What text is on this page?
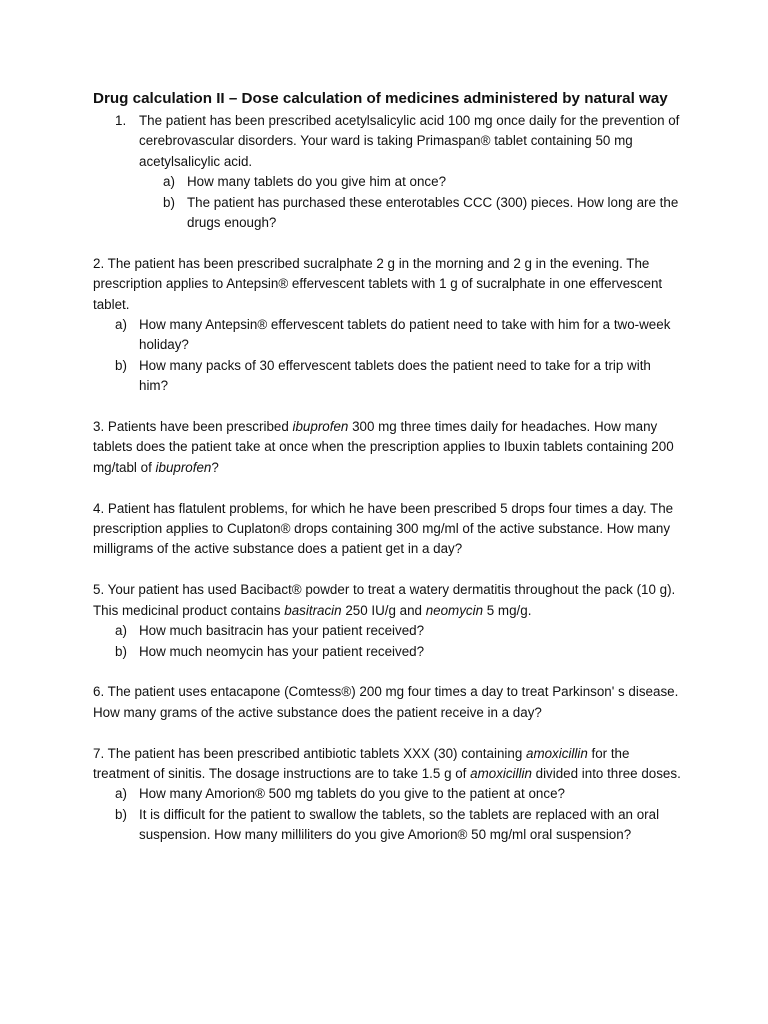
Drug calculation II – Dose calculation of medicines administered by natural way
1. The patient has been prescribed acetylsalicylic acid 100 mg once daily for the prevention of cerebrovascular disorders. Your ward is taking Primaspan® tablet containing 50 mg acetylsalicylic acid.
a) How many tablets do you give him at once?
b) The patient has purchased these enterotables CCC (300) pieces. How long are the drugs enough?

2. The patient has been prescribed sucralphate 2 g in the morning and 2 g in the evening. The prescription applies to Antepsin® effervescent tablets with 1 g of sucralphate in one effervescent tablet.

a) How many Antepsin® effervescent tablets do patient need to take with him for a two-week holiday?
b) How many packs of 30 effervescent tablets does the patient need to take for a trip with him?

3. Patients have been prescribed ibuprofen 300 mg three times daily for headaches. How many tablets does the patient take at once when the prescription applies to Ibuxin tablets containing 200 mg/tabl of ibuprofen?

4. Patient has flatulent problems, for which he have been prescribed 5 drops four times a day. The prescription applies to Cuplaton® drops containing 300 mg/ml of the active substance. How many milligrams of the active substance does a patient get in a day?

5. Your patient has used Bacibact® powder to treat a watery dermatitis throughout the pack (10 g). This medicinal product contains basitracin 250 IU/g and neomycin 5 mg/g.

a) How much basitracin has your patient received?
b) How much neomycin has your patient received?

6. The patient uses entacapone (Comtess®) 200 mg four times a day to treat Parkinson' s disease. How many grams of the active substance does the patient receive in a day?

7. The patient has been prescribed antibiotic tablets XXX (30) containing amoxicillin for the treatment of sinitis. The dosage instructions are to take 1.5 g of amoxicillin divided into three doses.

a) How many Amorion® 500 mg tablets do you give to the patient at once?
b) It is difficult for the patient to swallow the tablets, so the tablets are replaced with an oral suspension. How many milliliters do you give Amorion® 50 mg/ml oral suspension?
